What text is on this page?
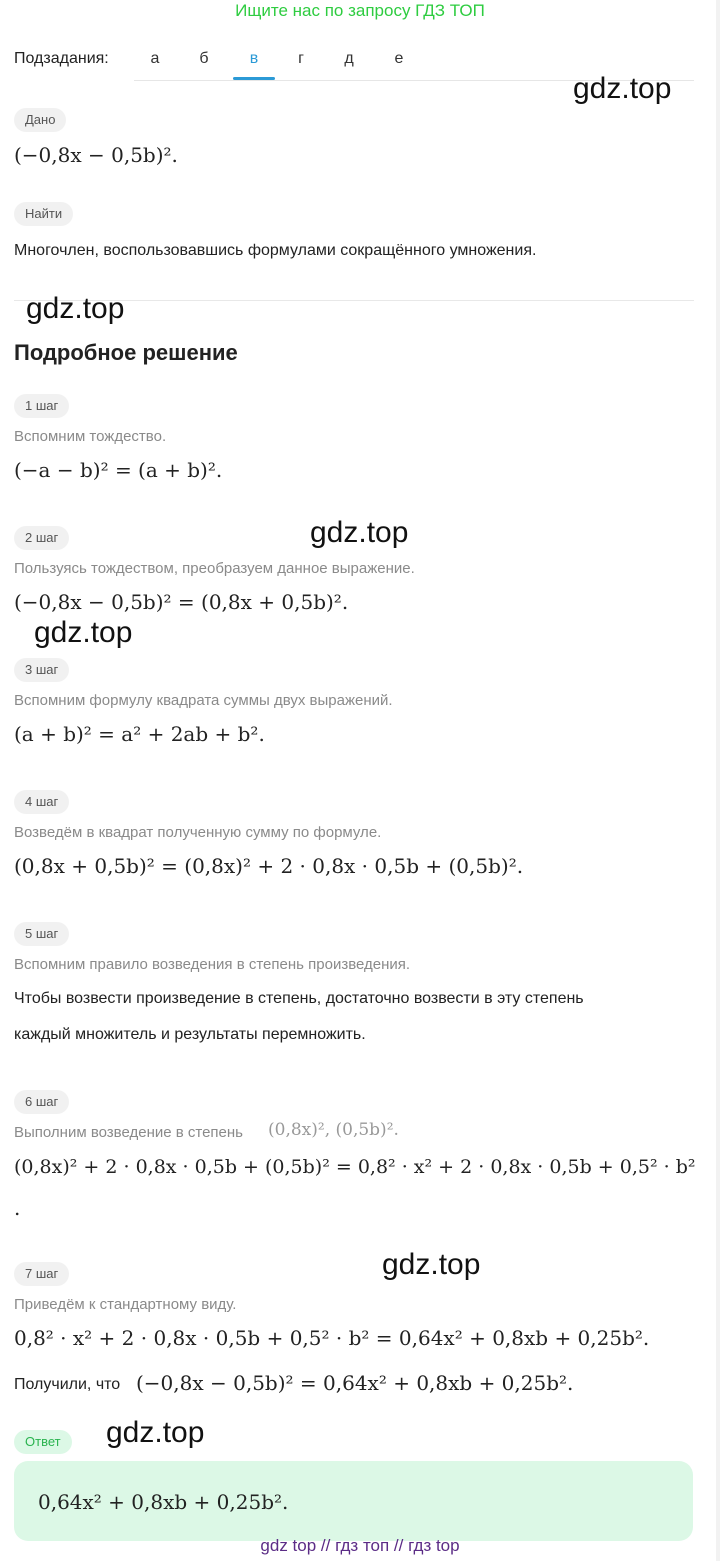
Ищите нас по запросу ГДЗ ТОП
Подзадания:	а	б	в	г	д	е
gdz.top
Дано
(−0,8x − 0,5b)².
Найти
Многочлен, воспользовавшись формулами сокращённого умножения.
gdz.top
Подробное решение
1 шаг
Вспомним тождество.
(−a − b)² = (a + b)².
2 шаг	gdz.top
Пользуясь тождеством, преобразуем данное выражение.
(−0,8x − 0,5b)² = (0,8x + 0,5b)².
gdz.top
3 шаг
Вспомним формулу квадрата суммы двух выражений.
(a + b)² = a² + 2ab + b².
4 шаг
Возведём в квадрат полученную сумму по формуле.
(0,8x + 0,5b)² = (0,8x)² + 2 · 0,8x · 0,5b + (0,5b)².
5 шаг
Вспомним правило возведения в степень произведения.
Чтобы возвести произведение в степень, достаточно возвести в эту степень
каждый множитель и результаты перемножить.
6 шаг
Выполним возведение в степень (0,8x)², (0,5b)².
(0,8x)² + 2 · 0,8x · 0,5b + (0,5b)² = 0,8² · x² + 2 · 0,8x · 0,5b + 0,5² · b²
.
7 шаг	gdz.top
Приведём к стандартному виду.
0,8² · x² + 2 · 0,8x · 0,5b + 0,5² · b² = 0,64x² + 0,8xb + 0,25b².
Получили, что (−0,8x − 0,5b)² = 0,64x² + 0,8xb + 0,25b².
Ответ	gdz.top
0,64x² + 0,8xb + 0,25b².
gdz top // гдз топ // гдз top
